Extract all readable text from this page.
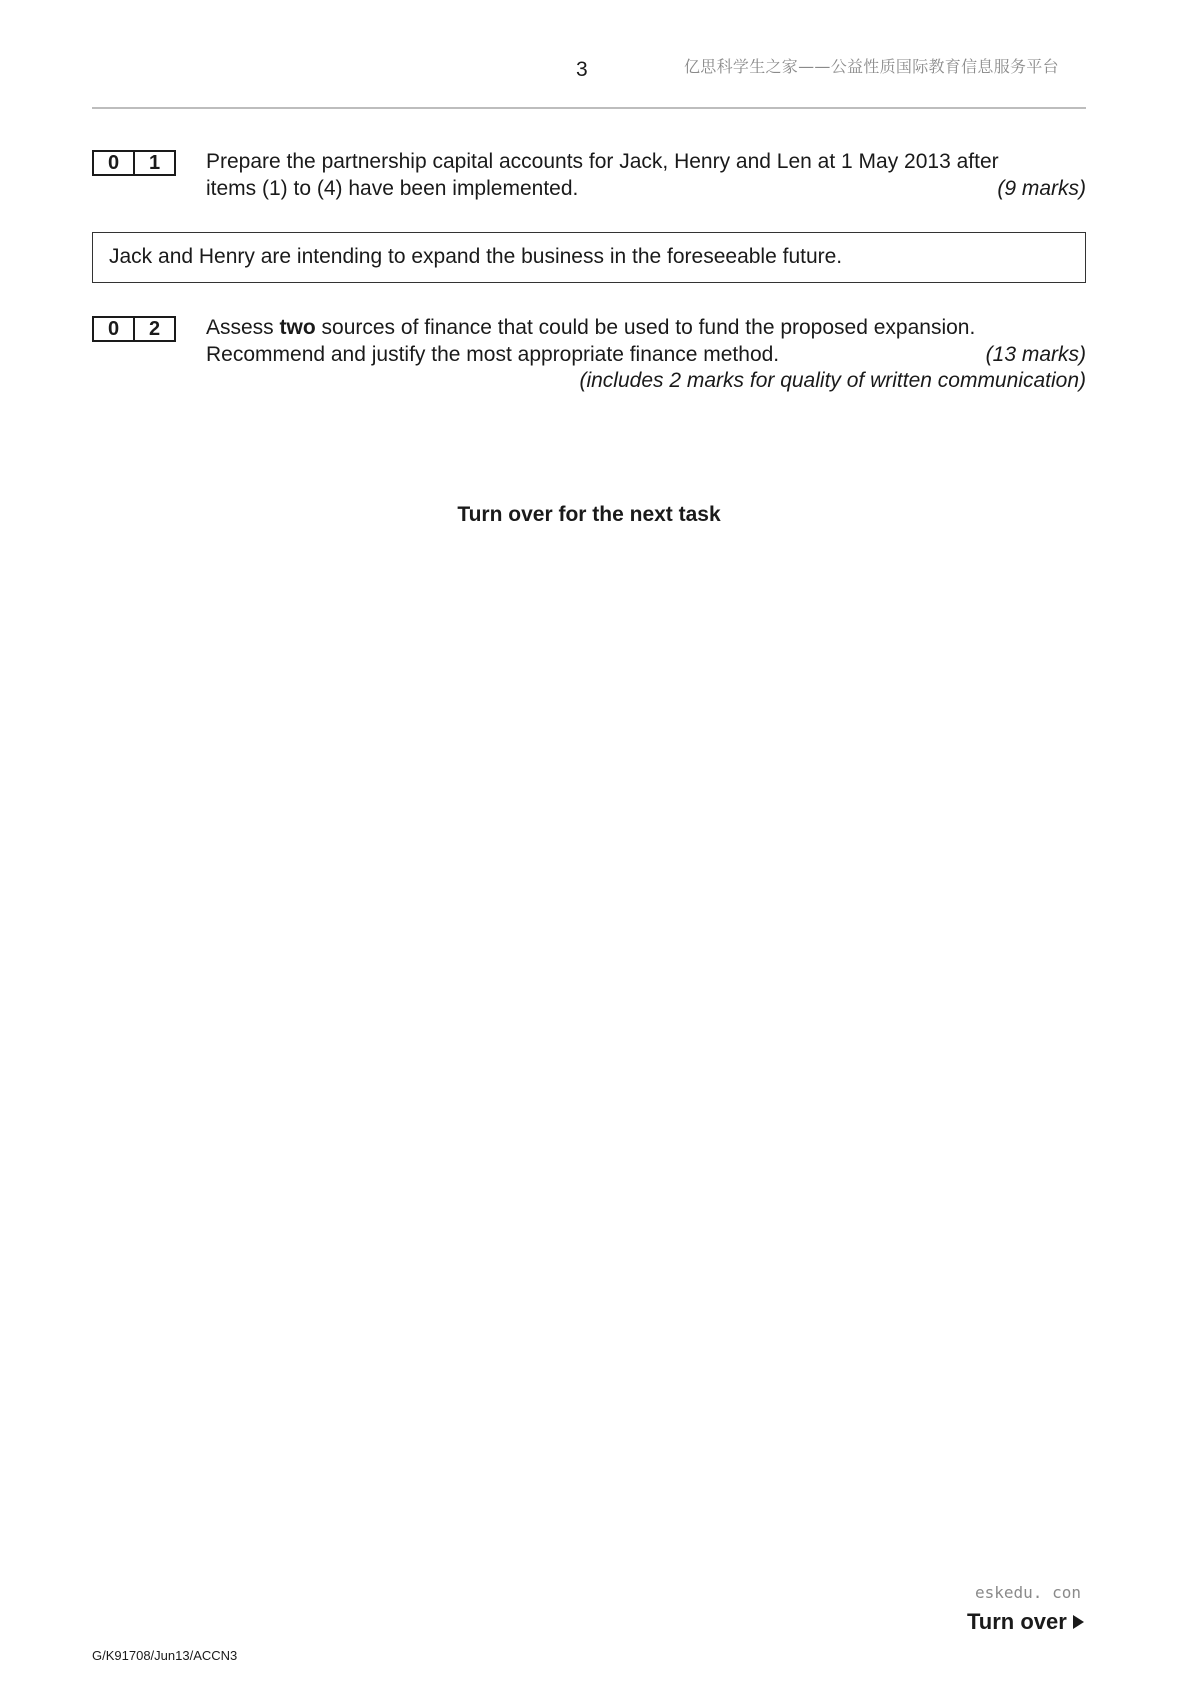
3	亿思科学生之家——公益性质国际教育信息服务平台
0	1	Prepare the partnership capital accounts for Jack, Henry and Len at 1 May 2013 after
items (1) to (4) have been implemented.	(9 marks)
Jack and Henry are intending to expand the business in the foreseeable future.
0	2	Assess two sources of finance that could be used to fund the proposed expansion.
Recommend and justify the most appropriate finance method.	(13 marks)
(includes 2 marks for quality of written communication)
Turn over for the next task
eskedu. con
Turn over
G/K91708/Jun13/ACCN3
